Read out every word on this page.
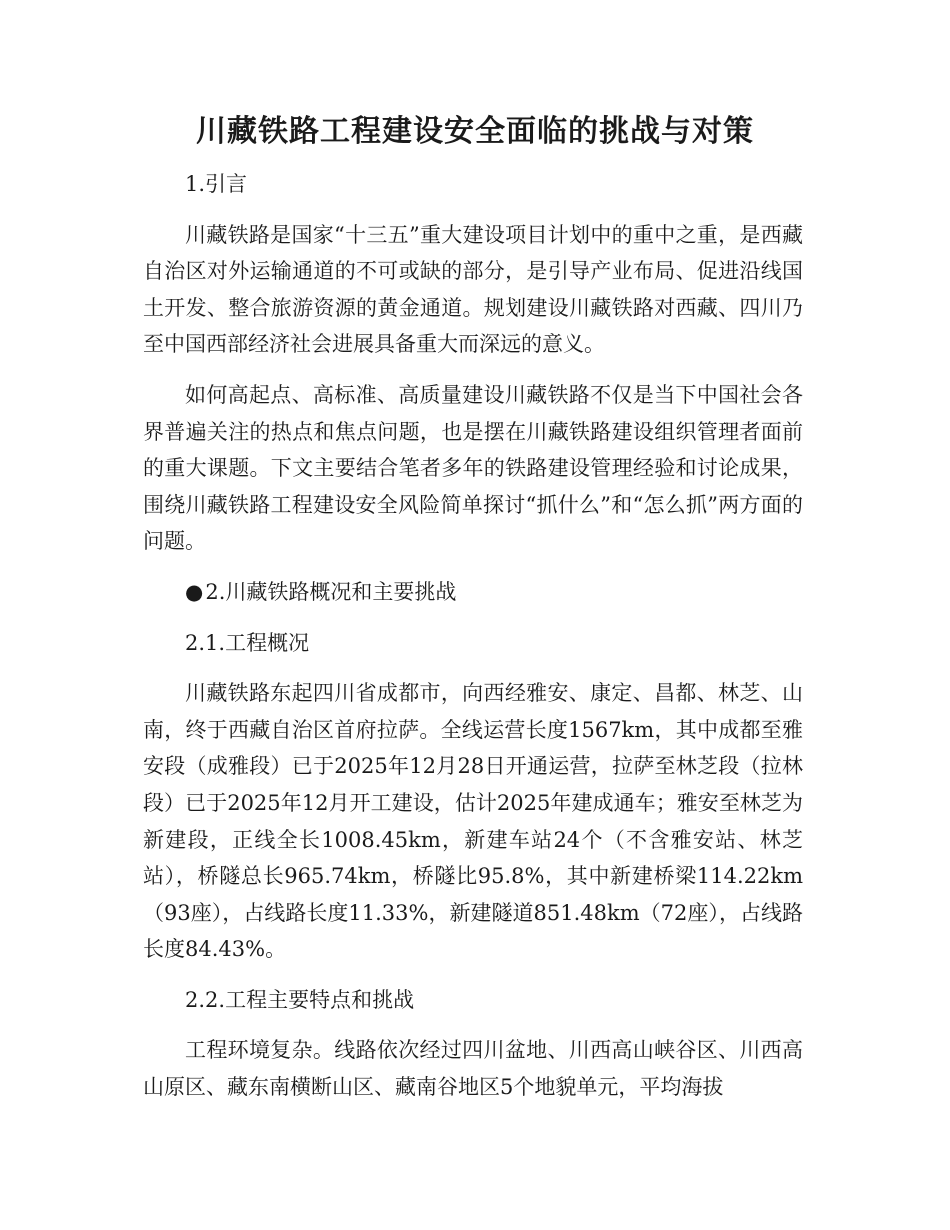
川藏铁路工程建设安全面临的挑战与对策

1.引言

川藏铁路是国家“十三五”重大建设项目计划中的重中之重，是西藏自治区对外运输通道的不可或缺的部分，是引导产业布局、促进沿线国土开发、整合旅游资源的黄金通道。规划建设川藏铁路对西藏、四川乃至中国西部经济社会进展具备重大而深远的意义。

如何高起点、高标准、高质量建设川藏铁路不仅是当下中国社会各界普遍关注的热点和焦点问题，也是摆在川藏铁路建设组织管理者面前的重大课题。下文主要结合笔者多年的铁路建设管理经验和讨论成果，围绕川藏铁路工程建设安全风险简单探讨“抓什么”和“怎么抓”两方面的问题。

●2.川藏铁路概况和主要挑战

2.1.工程概况

川藏铁路东起四川省成都市，向西经雅安、康定、昌都、林芝、山南，终于西藏自治区首府拉萨。全线运营长度1567km，其中成都至雅安段（成雅段）已于2025年12月28日开通运营，拉萨至林芝段（拉林段）已于2025年12月开工建设，估计2025年建成通车；雅安至林芝为新建段，正线全长1008.45km，新建车站24个（不含雅安站、林芝站），桥隧总长965.74km，桥隧比95.8%，其中新建桥梁114.22km（93座），占线路长度11.33%，新建隧道851.48km（72座），占线路长度84.43%。

2.2.工程主要特点和挑战

工程环境复杂。线路依次经过四川盆地、川西高山峡谷区、川西高山原区、藏东南横断山区、藏南谷地区5个地貌单元，平均海拔
